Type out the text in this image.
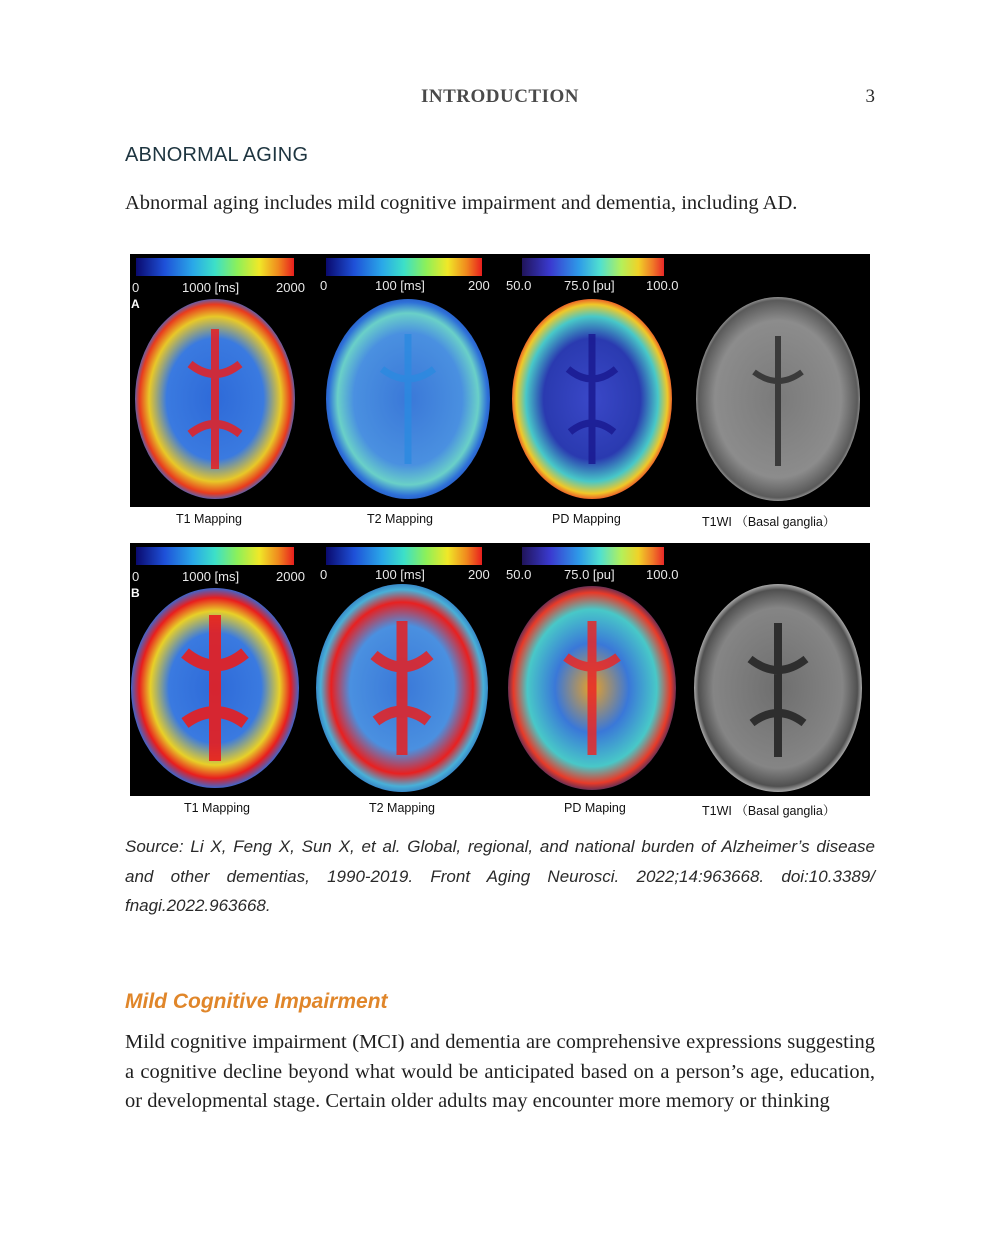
INTRODUCTION	3
ABNORMAL AGING

Abnormal aging includes mild cognitive impairment and dementia, including AD.

0	1000 [ms]	2000 0	100 [ms]	200 50.0	75.0 [pu] 100.0
A
T1 Mapping	T2 Mapping	PD Mapping	T1WI （Basal ganglia）
0	1000 [ms]	2000 0	100 [ms]	200 50.0	75.0 [pu] 100.0
B
T1 Mapping	T2 Mapping	PD Maping	T1WI （Basal ganglia）

Source: Li X, Feng X, Sun X, et al. Global, regional, and national burden of Alzheimer’s disease and other dementias, 1990-2019. Front Aging Neurosci. 2022;14:963668. doi:10.3389/ fnagi.2022.963668.

Mild Cognitive Impairment

Mild cognitive impairment (MCI) and dementia are comprehensive expressions suggesting a cognitive decline beyond what would be anticipated based on a person’s age, education, or developmental stage. Certain older adults may encounter more memory or thinking
